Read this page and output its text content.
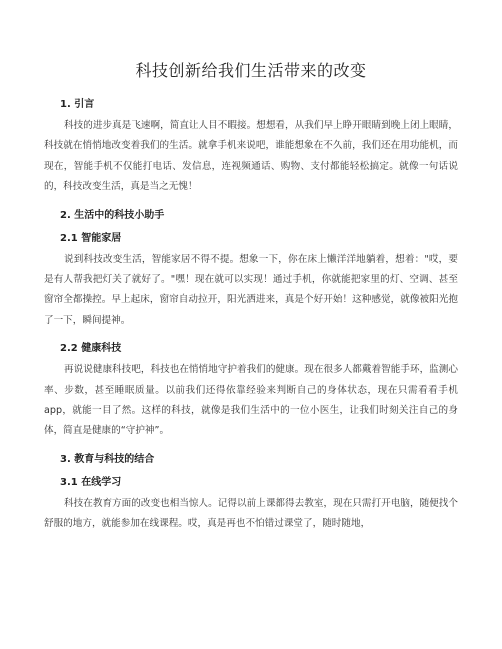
科技创新给我们生活带来的改变
1. 引言

科技的进步真是飞速啊，简直让人目不暇接。想想看，从我们早上睁开眼睛到晚上闭上眼睛，科技就在悄悄地改变着我们的生活。就拿手机来说吧，谁能想象在不久前，我们还在用功能机，而现在，智能手机不仅能打电话、发信息，连视频通话、购物、支付都能轻松搞定。就像一句话说的，科技改变生活，真是当之无愧！

2. 生活中的科技小助手
2.1 智能家居

说到科技改变生活，智能家居不得不提。想象一下，你在床上懒洋洋地躺着，想着："哎，要是有人帮我把灯关了就好了。"嘿！现在就可以实现！通过手机，你就能把家里的灯、空调、甚至窗帘全都操控。早上起床，窗帘自动拉开，阳光洒进来，真是个好开始！这种感觉，就像被阳光抱了一下，瞬间提神。

2.2 健康科技

再说说健康科技吧，科技也在悄悄地守护着我们的健康。现在很多人都戴着智能手环，监测心率、步数，甚至睡眠质量。以前我们还得依靠经验来判断自己的身体状态，现在只需看看手机 app，就能一目了然。这样的科技，就像是我们生活中的一位小医生，让我们时刻关注自己的身体，简直是健康的“守护神”。

3. 教育与科技的结合
3.1 在线学习

科技在教育方面的改变也相当惊人。记得以前上课都得去教室，现在只需打开电脑，随便找个舒服的地方，就能参加在线课程。哎，真是再也不怕错过课堂了，随时随地，
